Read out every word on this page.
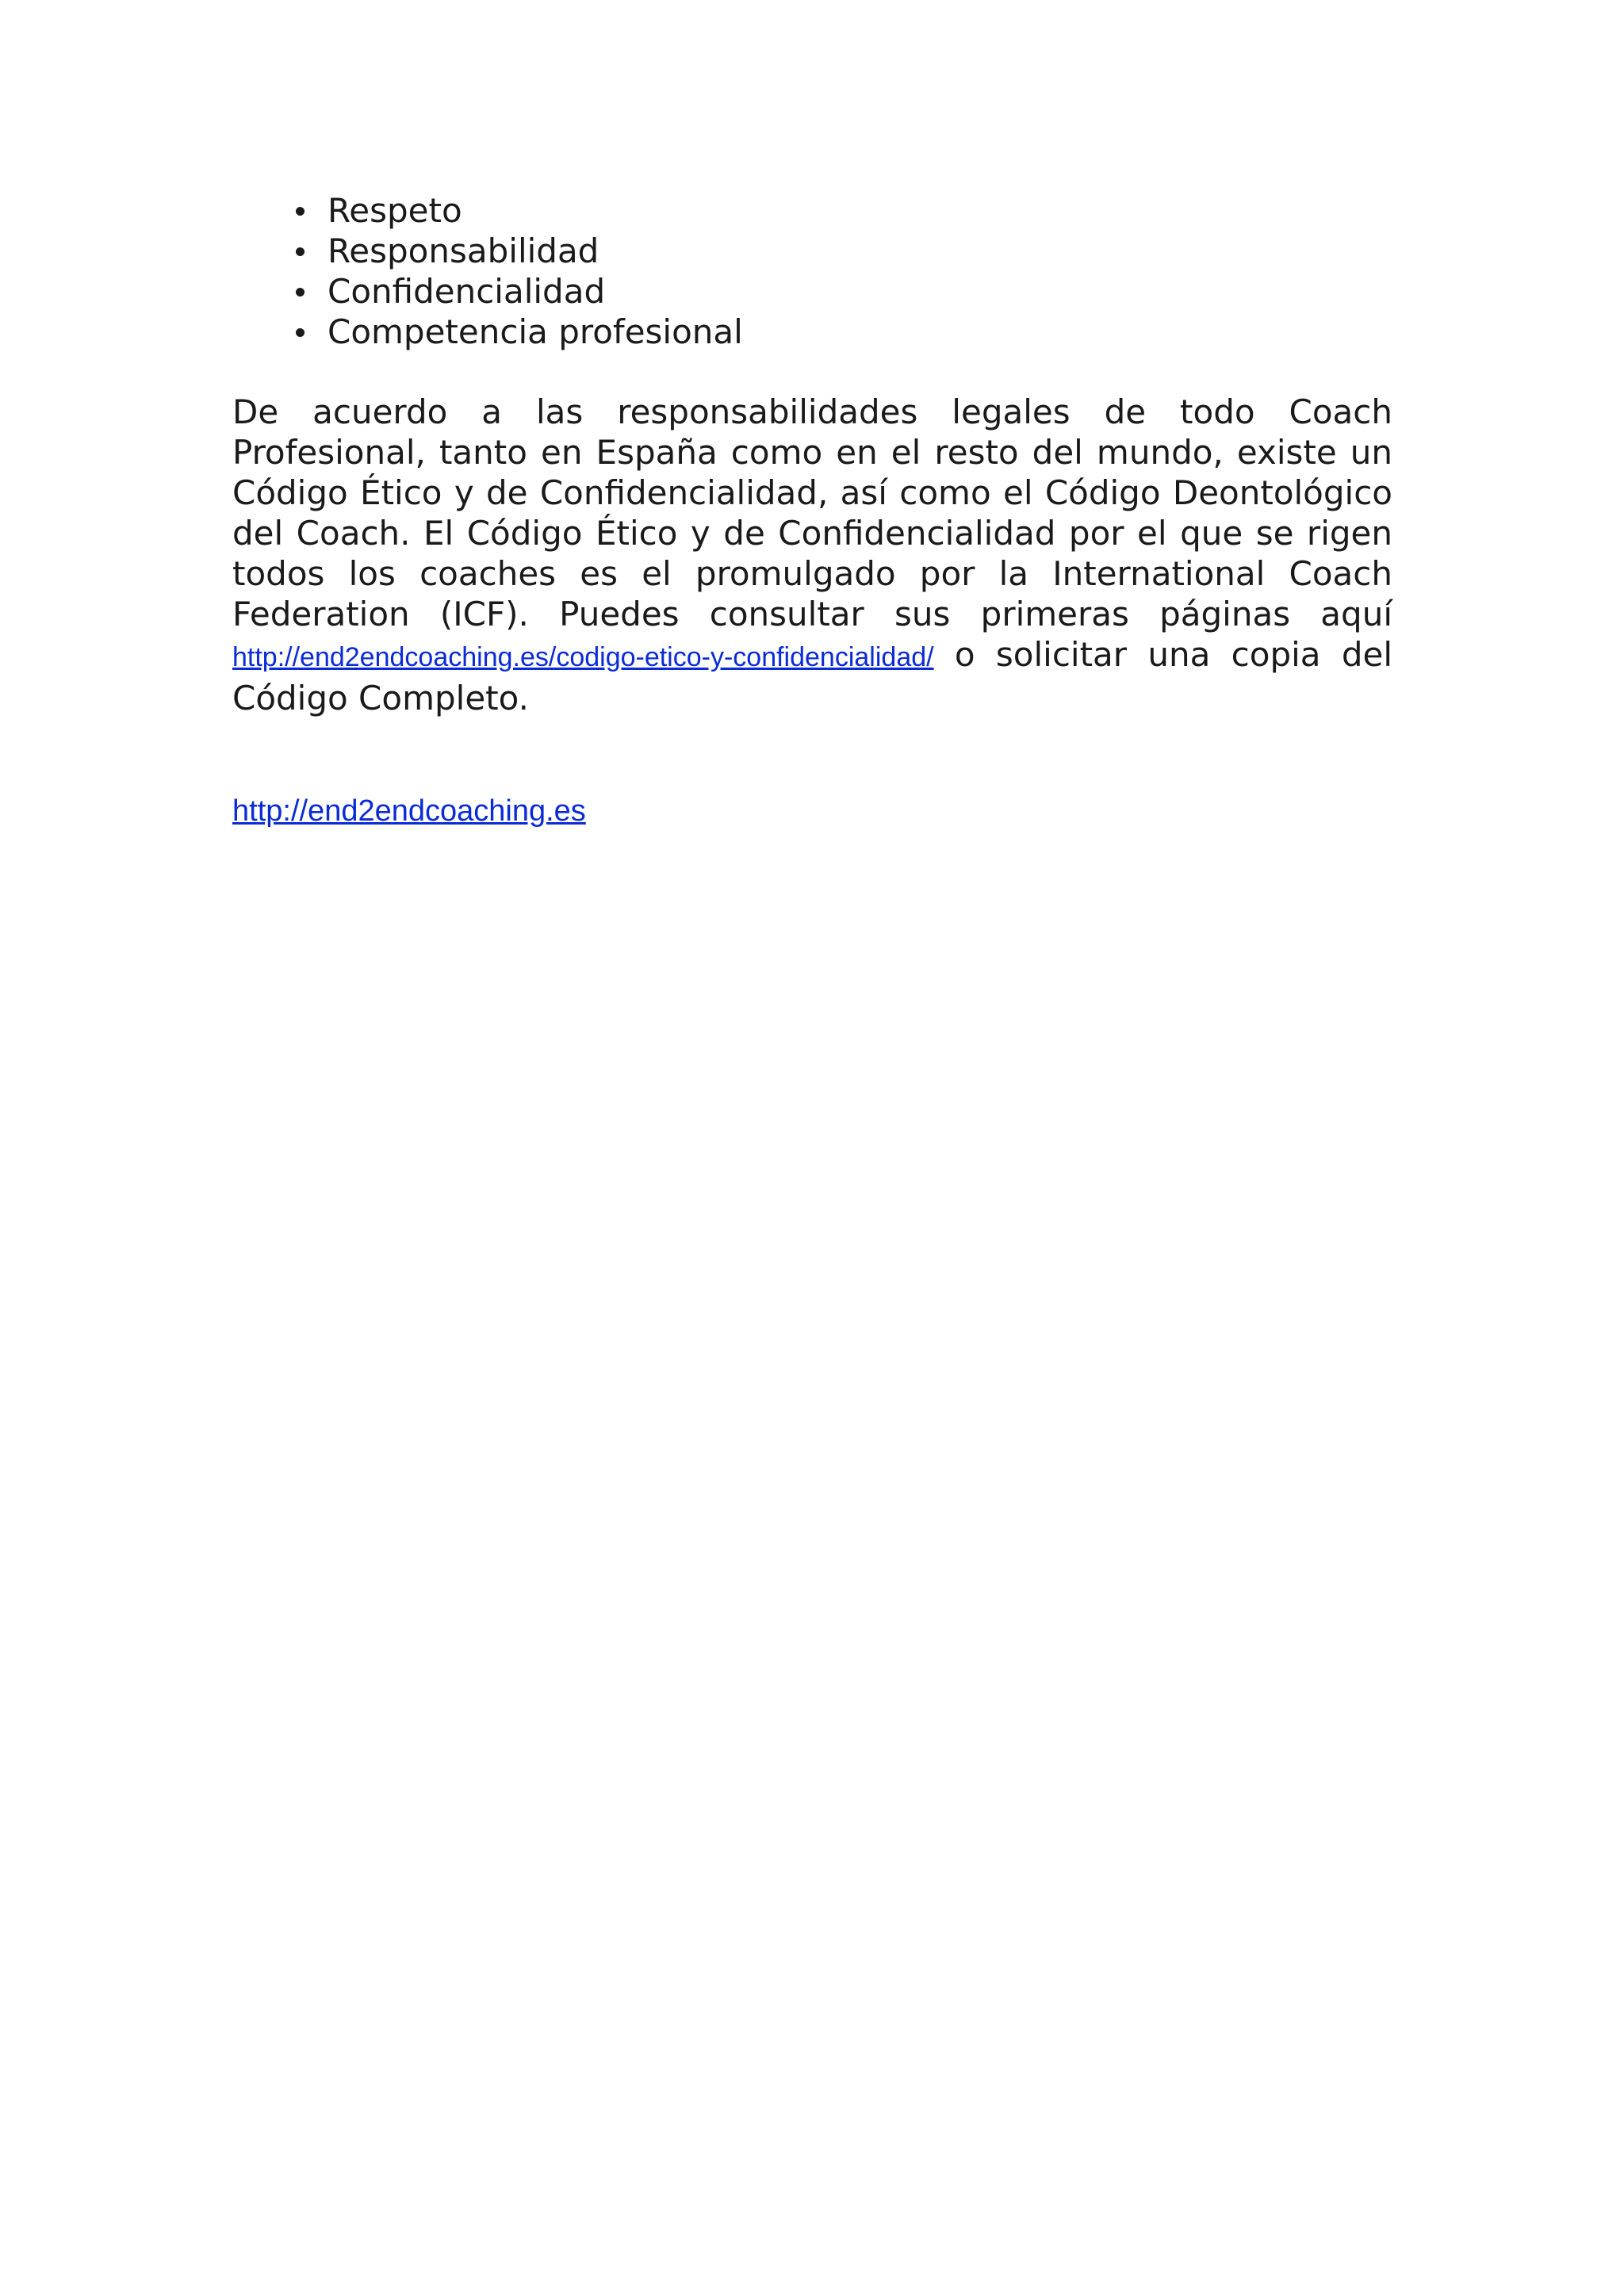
Respeto
Responsabilidad
Confidencialidad
Competencia profesional

De acuerdo a las responsabilidades legales de todo Coach Profesional, tanto en España como en el resto del mundo, existe un Código Ético y de Confidencialidad, así como el Código Deontológico del Coach. El Código Ético y de Confidencialidad por el que se rigen todos los coaches es el promulgado por la International Coach Federation (ICF). Puedes consultar sus primeras páginas aquí http://end2endcoaching.es/codigo-etico-y-confidencialidad/ o solicitar una copia del Código Completo.

http://end2endcoaching.es
